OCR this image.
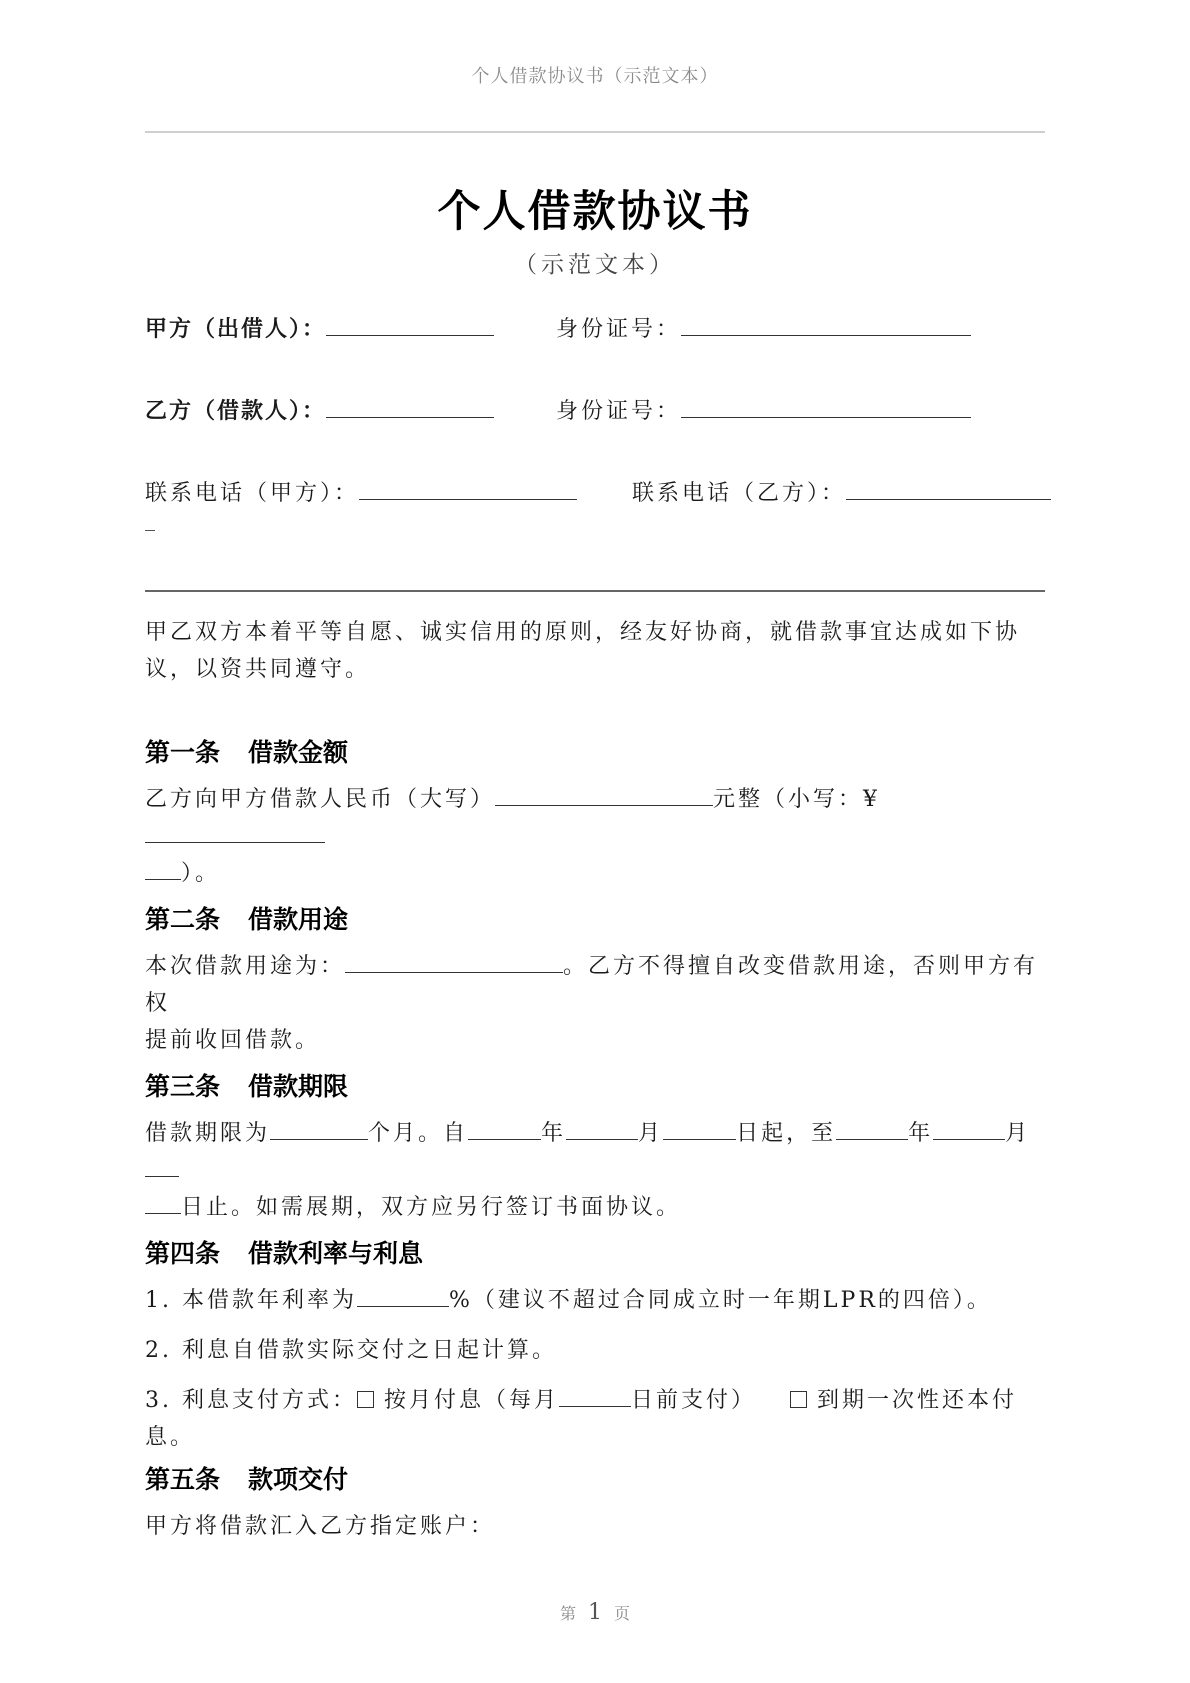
个人借款协议书（示范文本）
个人借款协议书
（示范文本）
甲方（出借人）：	身份证号：
乙方（借款人）：	身份证号：
联系电话（甲方）：	联系电话（乙方）：
甲乙双方本着平等自愿、诚实信用的原则，经友好协商，就借款事宜达成如下协议，以资共同遵守。
第一条 借款金额
乙方向甲方借款人民币（大写）	元整（小写：¥
）。
第二条 借款用途
本次借款用途为：	。乙方不得擅自改变借款用途，否则甲方有权
提前收回借款。
第三条 借款期限
借款期限为	个月。自	年	月	日起，至	年	月
日止。如需展期，双方应另行签订书面协议。
第四条 借款利率与利息
1. 本借款年利率为	%（建议不超过合同成立时一年期LPR的四倍）。
2. 利息自借款实际交付之日起计算。
3. 利息支付方式： 按月付息（每月	日前支付）	到期一次性还本付息。
第五条 款项交付
甲方将借款汇入乙方指定账户：
第 1 页
